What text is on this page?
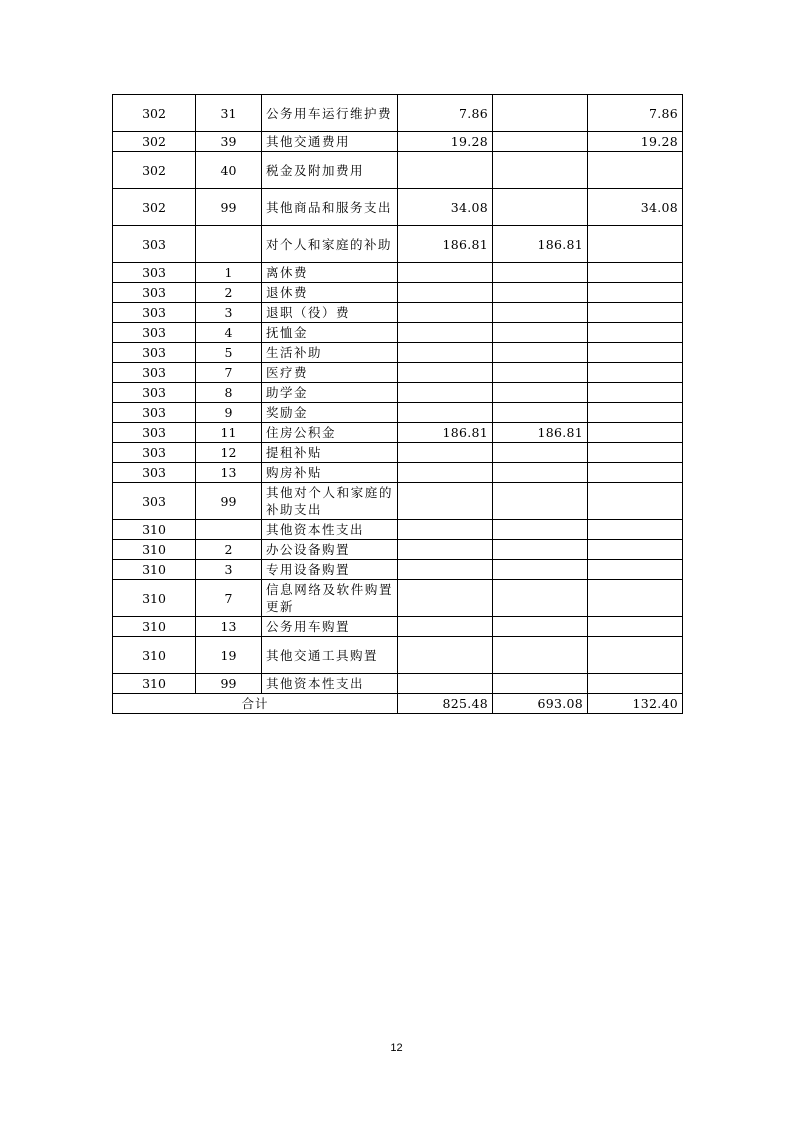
302	31	公务用车运行维护费	7.86		7.86
302	39	其他交通费用	19.28		19.28
302	40	税金及附加费用			
302	99	其他商品和服务支出	34.08		34.08
303		对个人和家庭的补助	186.81	186.81	
303	1	离休费			
303	2	退休费			
303	3	退职（役）费			
303	4	抚恤金			
303	5	生活补助			
303	7	医疗费			
303	8	助学金			
303	9	奖励金			
303	11	住房公积金	186.81	186.81	
303	12	提租补贴			
303	13	购房补贴			
303	99	其他对个人和家庭的补助支出			
310		其他资本性支出			
310	2	办公设备购置			
310	3	专用设备购置			
310	7	信息网络及软件购置更新			
310	13	公务用车购置			
310	19	其他交通工具购置			
310	99	其他资本性支出			
合计			825.48	693.08	132.40
12
